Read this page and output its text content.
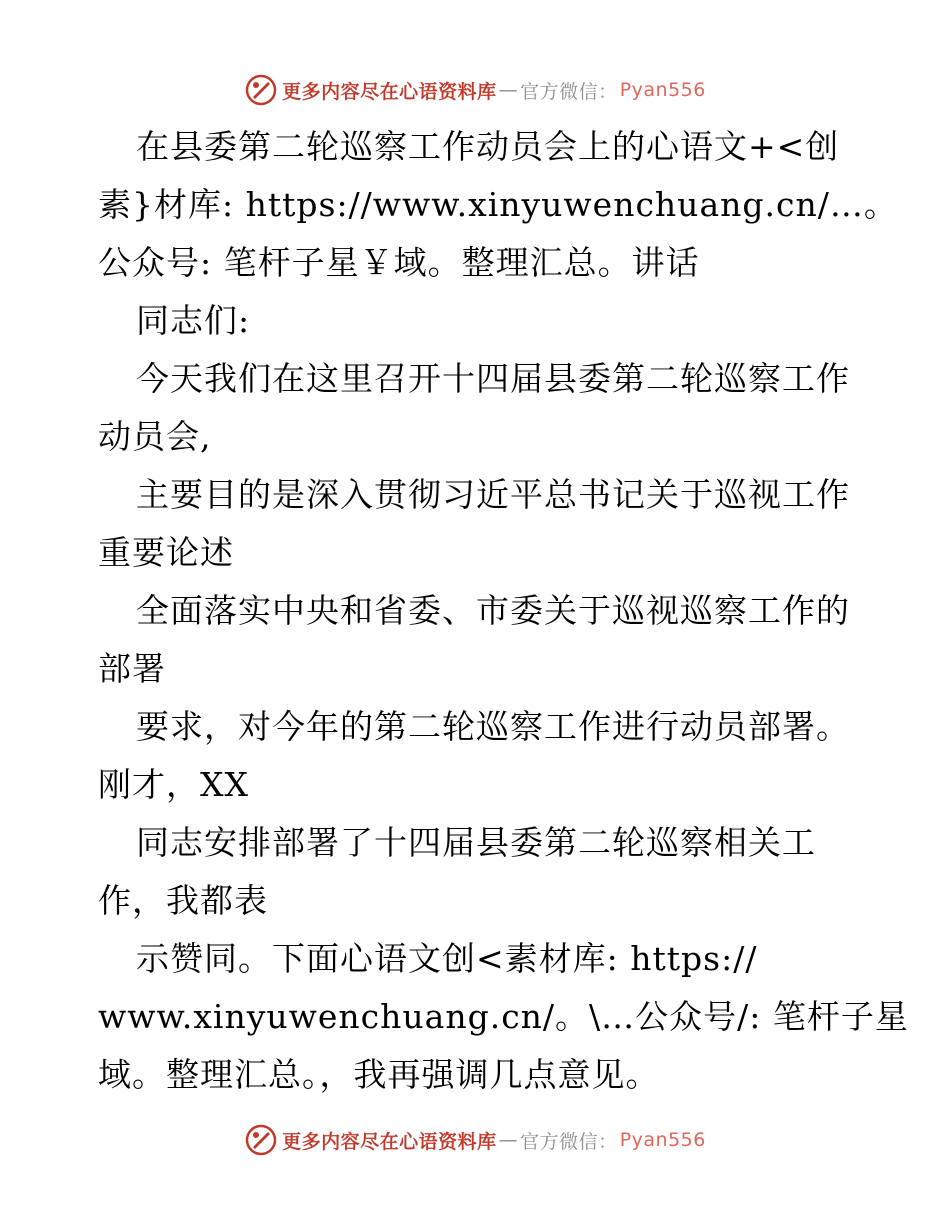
更多内容尽在心语资料库 — 官方微信： Pyan556
在县委第二轮巡察工作动员会上的心语文+<创
素}材库: https://www.xinyuwenchuang.cn/…。
公众号: 笔杆子星￥域。整理汇总。讲话
同志们:
今天我们在这里召开十四届县委第二轮巡察工作
动员会,
主要目的是深入贯彻习近平总书记关于巡视工作
重要论述
全面落实中央和省委、市委关于巡视巡察工作的
部署
要求，对今年的第二轮巡察工作进行动员部署。
刚才，XX
同志安排部署了十四届县委第二轮巡察相关工
作，我都表
示赞同。下面心语文创<素材库: https://
www.xinyuwenchuang.cn/。\…公众号/: 笔杆子星
域。整理汇总。，我再强调几点意见。
更多内容尽在心语资料库 — 官方微信： Pyan556
